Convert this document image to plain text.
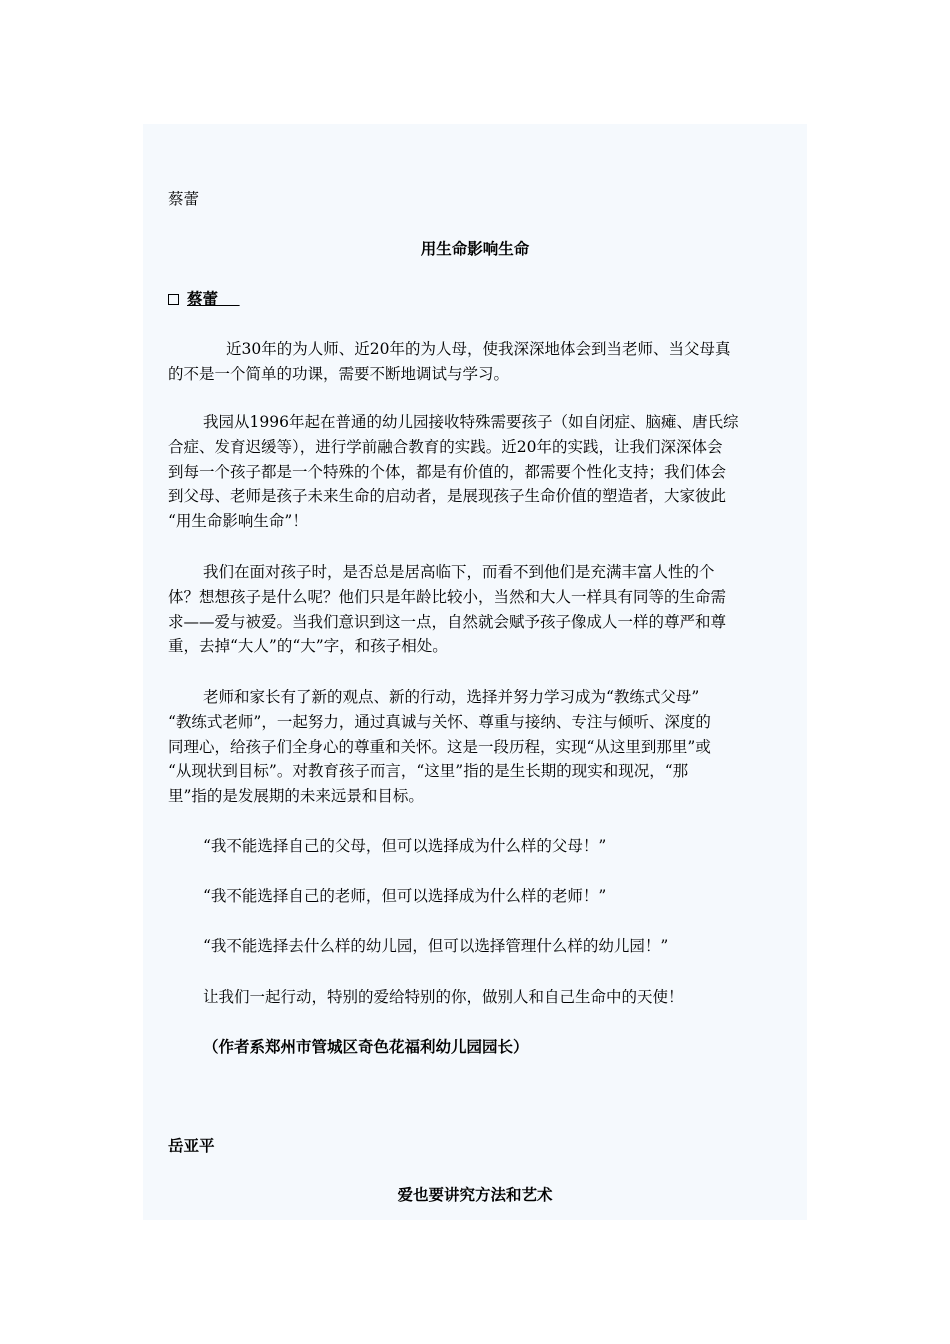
蔡蕾
用生命影响生命
蔡蕾
近30年的为人师、近20年的为人母，使我深深地体会到当老师、当父母真
的不是一个简单的功课，需要不断地调试与学习。
我园从1996年起在普通的幼儿园接收特殊需要孩子（如自闭症、脑瘫、唐氏综
合症、发育迟缓等），进行学前融合教育的实践。近20年的实践，让我们深深体会
到每一个孩子都是一个特殊的个体，都是有价值的，都需要个性化支持；我们体会
到父母、老师是孩子未来生命的启动者，是展现孩子生命价值的塑造者，大家彼此
“用生命影响生命”！
我们在面对孩子时，是否总是居高临下，而看不到他们是充满丰富人性的个
体？想想孩子是什么呢？他们只是年龄比较小，当然和大人一样具有同等的生命需
求——爱与被爱。当我们意识到这一点，自然就会赋予孩子像成人一样的尊严和尊
重，去掉“大人”的“大”字，和孩子相处。
老师和家长有了新的观点、新的行动，选择并努力学习成为“教练式父母”
“教练式老师”，一起努力，通过真诚与关怀、尊重与接纳、专注与倾听、深度的
同理心，给孩子们全身心的尊重和关怀。这是一段历程，实现“从这里到那里”或
“从现状到目标”。对教育孩子而言，“这里”指的是生长期的现实和现况，“那
里”指的是发展期的未来远景和目标。
“我不能选择自己的父母，但可以选择成为什么样的父母！”
“我不能选择自己的老师，但可以选择成为什么样的老师！”
“我不能选择去什么样的幼儿园，但可以选择管理什么样的幼儿园！”
让我们一起行动，特别的爱给特别的你，做别人和自己生命中的天使！
（作者系郑州市管城区奇色花福利幼儿园园长）
岳亚平
爱也要讲究方法和艺术
